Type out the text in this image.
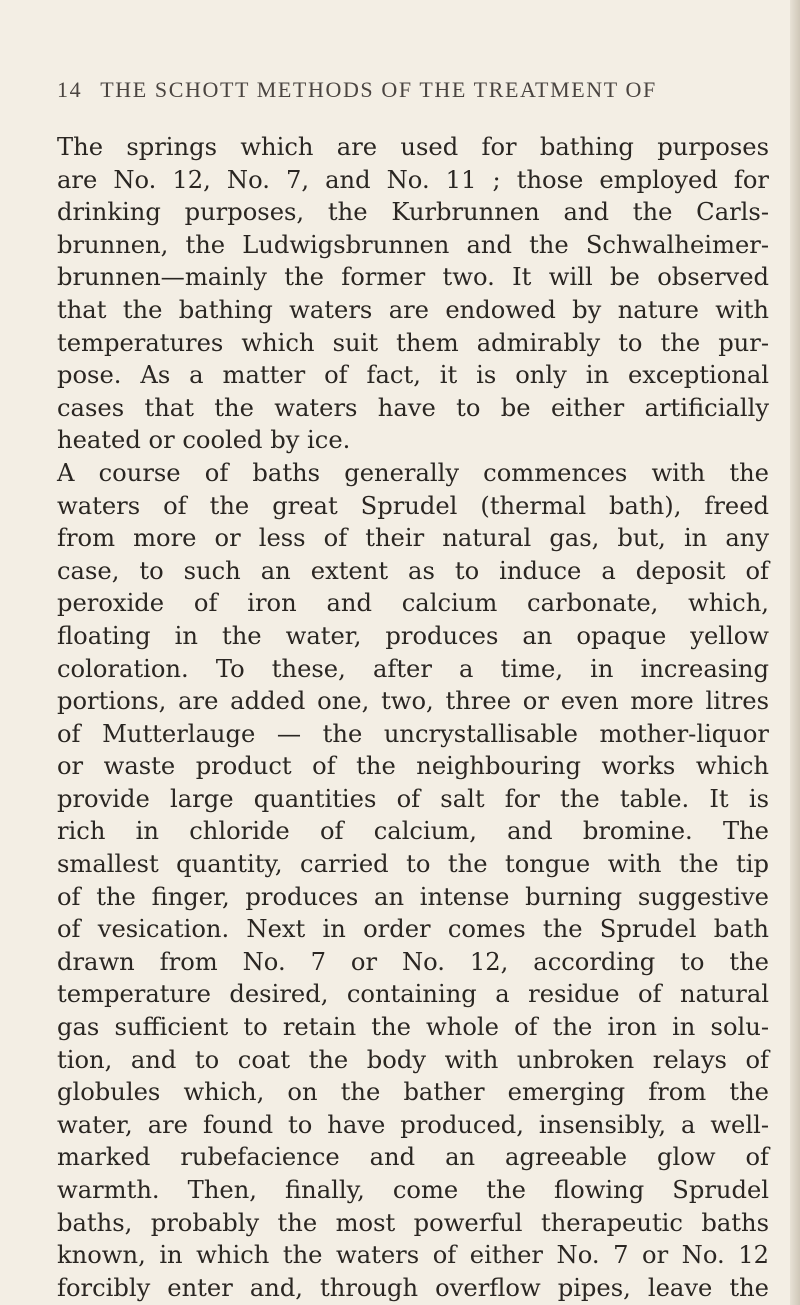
14 THE SCHOTT METHODS OF THE TREATMENT OF
The springs which are used for bathing purposes
are No. 12, No. 7, and No. 11 ; those employed for
drinking purposes, the Kurbrunnen and the Carls-
brunnen, the Ludwigsbrunnen and the Schwalheimer-
brunnen—mainly the former two. It will be observed
that the bathing waters are endowed by nature with
temperatures which suit them admirably to the pur-
pose. As a matter of fact, it is only in exceptional
cases that the waters have to be either artificially
heated or cooled by ice.
A course of baths generally commences with the
waters of the great Sprudel (thermal bath), freed
from more or less of their natural gas, but, in any
case, to such an extent as to induce a deposit of
peroxide of iron and calcium carbonate, which,
floating in the water, produces an opaque yellow
coloration. To these, after a time, in increasing
portions, are added one, two, three or even more litres
of Mutterlauge — the uncrystallisable mother-liquor
or waste product of the neighbouring works which
provide large quantities of salt for the table. It is
rich in chloride of calcium, and bromine. The
smallest quantity, carried to the tongue with the tip
of the finger, produces an intense burning suggestive
of vesication. Next in order comes the Sprudel bath
drawn from No. 7 or No. 12, according to the
temperature desired, containing a residue of natural
gas sufficient to retain the whole of the iron in solu-
tion, and to coat the body with unbroken relays of
globules which, on the bather emerging from the
water, are found to have produced, insensibly, a well-
marked rubefacience and an agreeable glow of
warmth. Then, finally, come the flowing Sprudel
baths, probably the most powerful therapeutic baths
known, in which the waters of either No. 7 or No. 12
forcibly enter and, through overflow pipes, leave the
